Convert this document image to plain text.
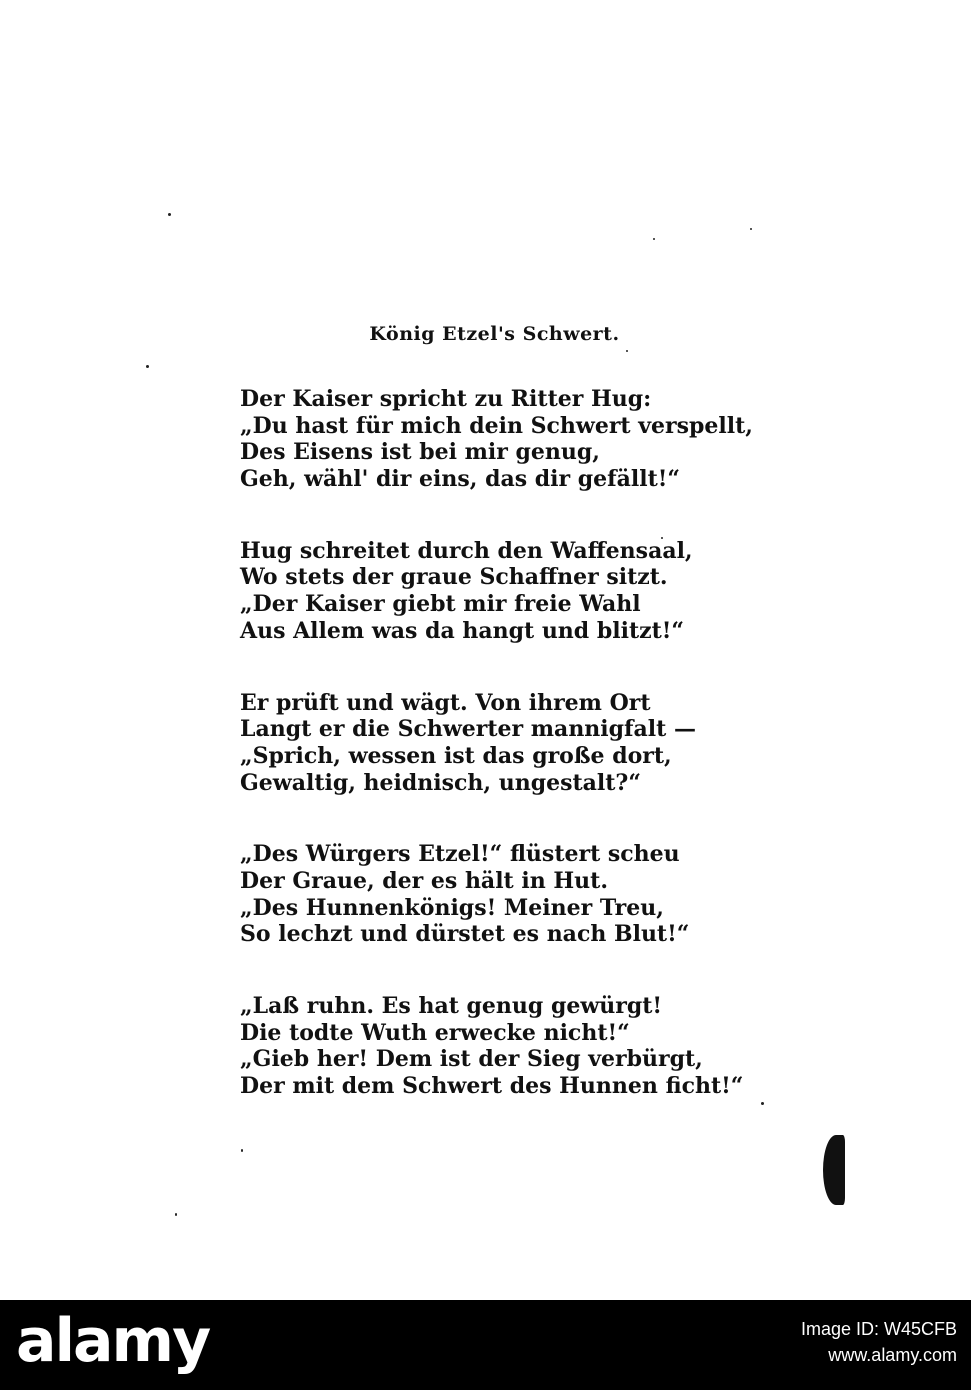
König Etzel's Schwert.
Der Kaiser spricht zu Ritter Hug:
„Du hast für mich dein Schwert verspellt,
Des Eisens ist bei mir genug,
Geh, wähl' dir eins, das dir gefällt!“
Hug schreitet durch den Waffensaal,
Wo stets der graue Schaffner sitzt.
„Der Kaiser giebt mir freie Wahl
Aus Allem was da hangt und blitzt!“
Er prüft und wägt. Von ihrem Ort
Langt er die Schwerter mannigfalt —
„Sprich, wessen ist das große dort,
Gewaltig, heidnisch, ungestalt?“
„Des Würgers Etzel!“ flüstert scheu
Der Graue, der es hält in Hut.
„Des Hunnenkönigs! Meiner Treu,
So lechzt und dürstet es nach Blut!“
„Laß ruhn. Es hat genug gewürgt!
Die todte Wuth erwecke nicht!“
„Gieb her! Dem ist der Sieg verbürgt,
Der mit dem Schwert des Hunnen ficht!“
alamy	Image ID: W45CFB
www.alamy.com
